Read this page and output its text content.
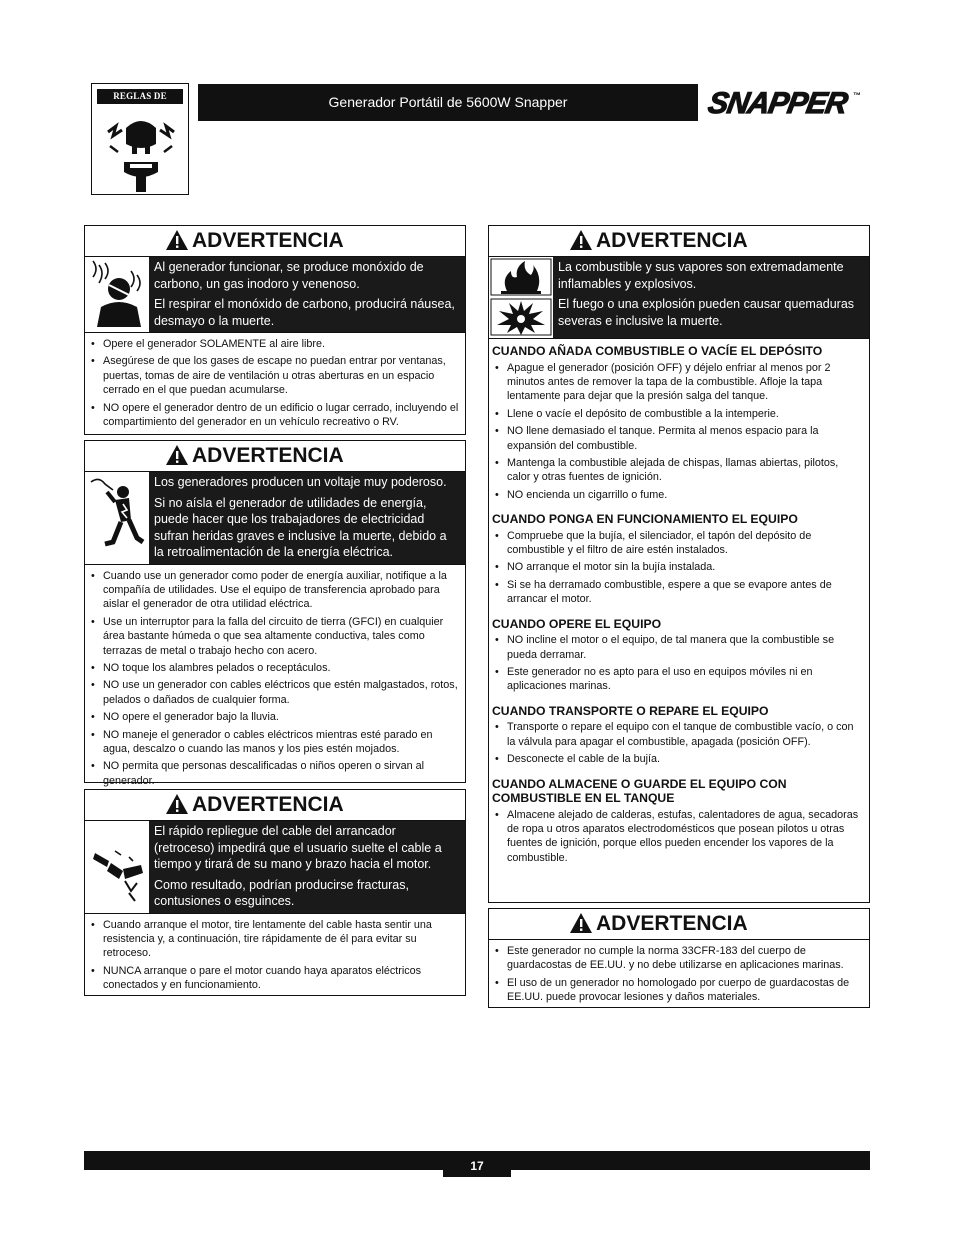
REGLAS DE SEGURIDAD
Generador Portátil de 5600W Snapper	SNAPPER ™
ADVERTENCIA

Al generador funcionar, se produce monóxido de carbono, un gas inodoro y venenoso.

El respirar el monóxido de carbono, producirá náusea, desmayo o la muerte.

• Opere el generador SOLAMENTE al aire libre.
• Asegúrese de que los gases de escape no puedan entrar por ventanas, puertas, tomas de aire de ventilación u otras aberturas en un espacio cerrado en el que puedan acumularse.
• NO opere el generador dentro de un edificio o lugar cerrado, incluyendo el compartimiento del generador en un vehículo recreativo o RV.
ADVERTENCIA

Los generadores producen un voltaje muy poderoso.

Si no aísla el generador de utilidades de energía, puede hacer que los trabajadores de electricidad sufran heridas graves e inclusive la muerte, debido a la retroalimentación de la energía eléctrica.

• Cuando use un generador como poder de energía auxiliar, notifique a la compañía de utilidades. Use el equipo de transferencia aprobado para aislar el generador de otra utilidad eléctrica.
• Use un interruptor para la falla del circuito de tierra (GFCI) en cualquier área bastante húmeda o que sea altamente conductiva, tales como terrazas de metal o trabajo hecho con acero.
• NO toque los alambres pelados o receptáculos.
• NO use un generador con cables eléctricos que estén malgastados, rotos, pelados o dañados de cualquier forma.
• NO opere el generador bajo la lluvia.
• NO maneje el generador o cables eléctricos mientras esté parado en agua, descalzo o cuando las manos y los pies estén mojados.
• NO permita que personas descalificadas o niños operen o sirvan al generador.
ADVERTENCIA

El rápido repliegue del cable del arrancador (retroceso) impedirá que el usuario suelte el cable a tiempo y tirará de su mano y brazo hacia el motor.

Como resultado, podrían producirse fracturas, contusiones o esguinces.

• Cuando arranque el motor, tire lentamente del cable hasta sentir una resistencia y, a continuación, tire rápidamente de él para evitar su retroceso.
• NUNCA arranque o pare el motor cuando haya aparatos eléctricos conectados y en funcionamiento.
ADVERTENCIA

La combustible y sus vapores son extremadamente inflamables y explosivos.

El fuego o una explosión pueden causar quemaduras severas e inclusive la muerte.

CUANDO AÑADA COMBUSTIBLE O VACÍE EL DEPÓSITO
• Apague el generador (posición OFF) y déjelo enfriar al menos por 2 minutos antes de remover la tapa de la combustible. Afloje la tapa lentamente para dejar que la presión salga del tanque.
• Llene o vacíe el depósito de combustible a la intemperie.
• NO llene demasiado el tanque. Permita al menos espacio para la expansión del combustible.
• Mantenga la combustible alejada de chispas, llamas abiertas, pilotos, calor y otras fuentes de ignición.
• NO encienda un cigarrillo o fume.
CUANDO PONGA EN FUNCIONAMIENTO EL EQUIPO
• Compruebe que la bujía, el silenciador, el tapón del depósito de combustible y el filtro de aire estén instalados.
• NO arranque el motor sin la bujía instalada.
• Si se ha derramado combustible, espere a que se evapore antes de arrancar el motor.
CUANDO OPERE EL EQUIPO
• NO incline el motor o el equipo, de tal manera que la combustible se pueda derramar.
• Este generador no es apto para el uso en equipos móviles ni en aplicaciones marinas.
CUANDO TRANSPORTE O REPARE EL EQUIPO
• Transporte o repare el equipo con el tanque de combustible vacío, o con la válvula para apagar el combustible, apagada (posición OFF).
• Desconecte el cable de la bujía.
CUANDO ALMACENE O GUARDE EL EQUIPO CON COMBUSTIBLE EN EL TANQUE
• Almacene alejado de calderas, estufas, calentadores de agua, secadoras de ropa u otros aparatos electrodomésticos que posean pilotos u otras fuentes de ignición, porque ellos pueden encender los vapores de la combustible.
ADVERTENCIA
• Este generador no cumple la norma 33CFR-183 del cuerpo de guardacostas de EE.UU. y no debe utilizarse en aplicaciones marinas.
• El uso de un generador no homologado por cuerpo de guardacostas de EE.UU. puede provocar lesiones y daños materiales.
17
